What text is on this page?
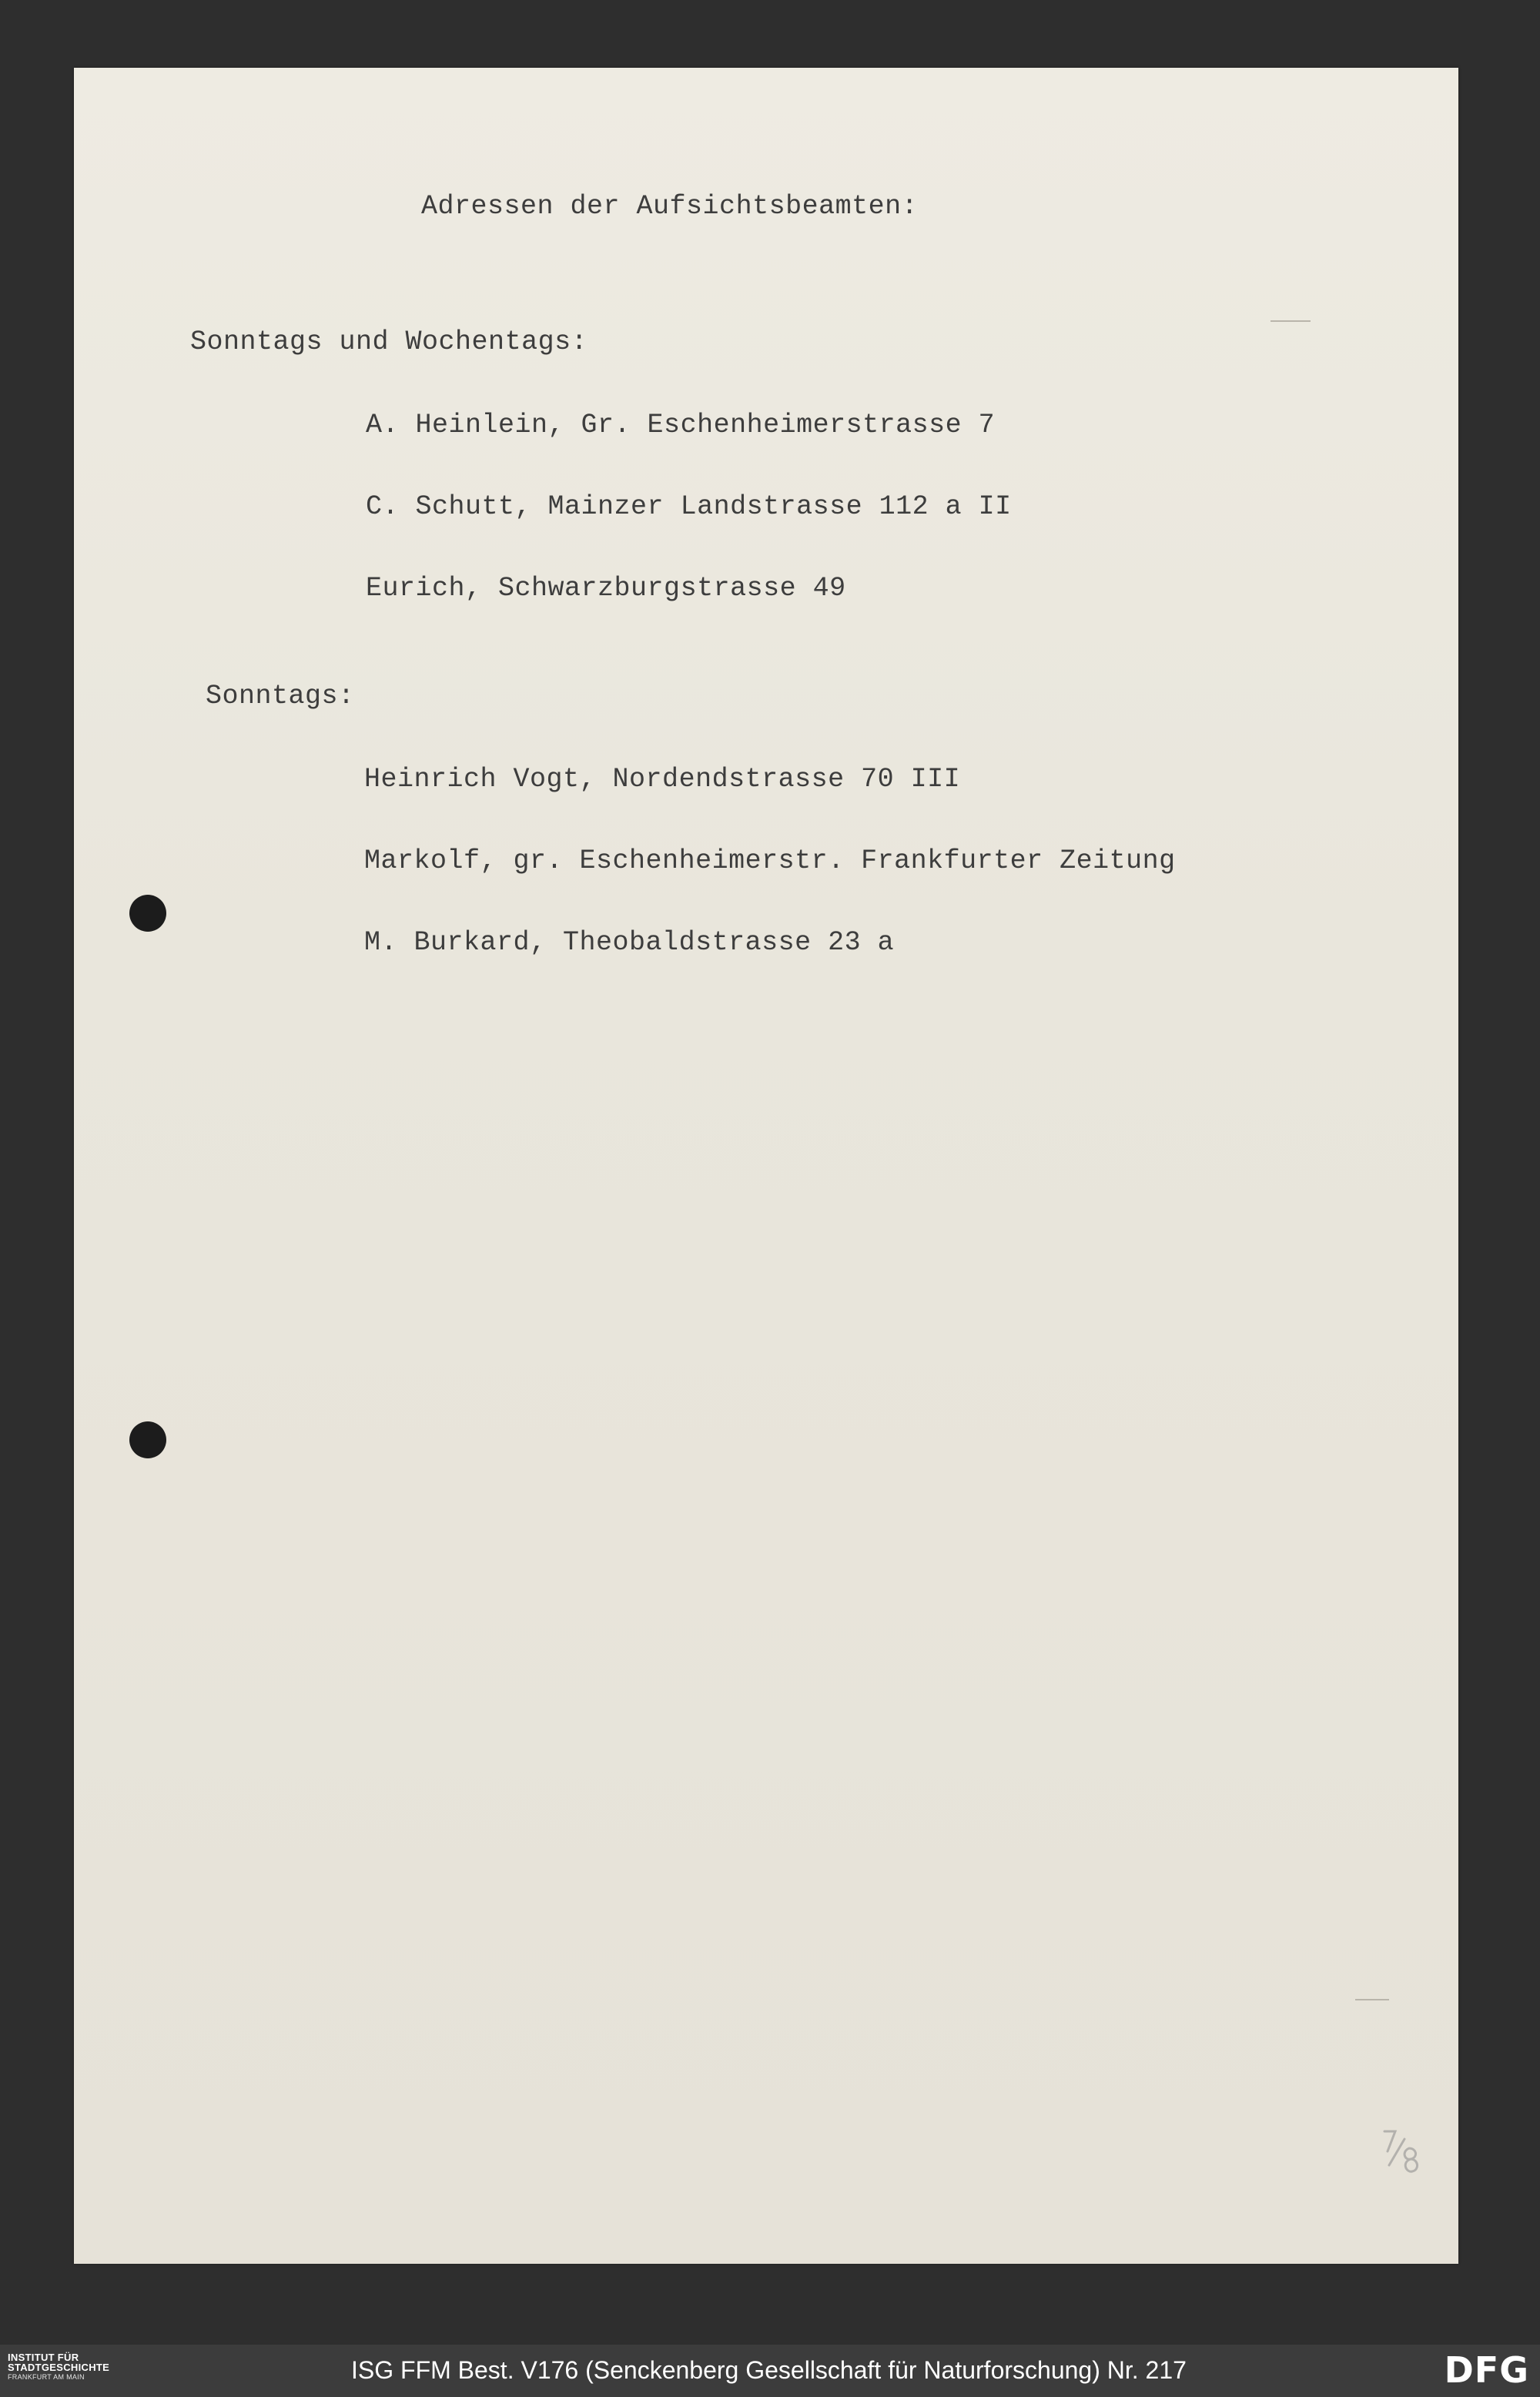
Adressen der Aufsichtsbeamten:
Sonntags und Wochentags:
A. Heinlein, Gr. Eschenheimerstrasse 7
C. Schutt, Mainzer Landstrasse 112 a II
Eurich, Schwarzburgstrasse 49
Sonntags:
Heinrich Vogt, Nordendstrasse 70 III
Markolf, gr. Eschenheimerstr. Frankfurter Zeitung
M. Burkard, Theobaldstrasse 23 a
INSTITUT FÜR
STADTGESCHICHTE
FRANKFURT AM MAIN	ISG FFM Best. V176 (Senckenberg Gesellschaft für Naturforschung) Nr. 217	DFG
